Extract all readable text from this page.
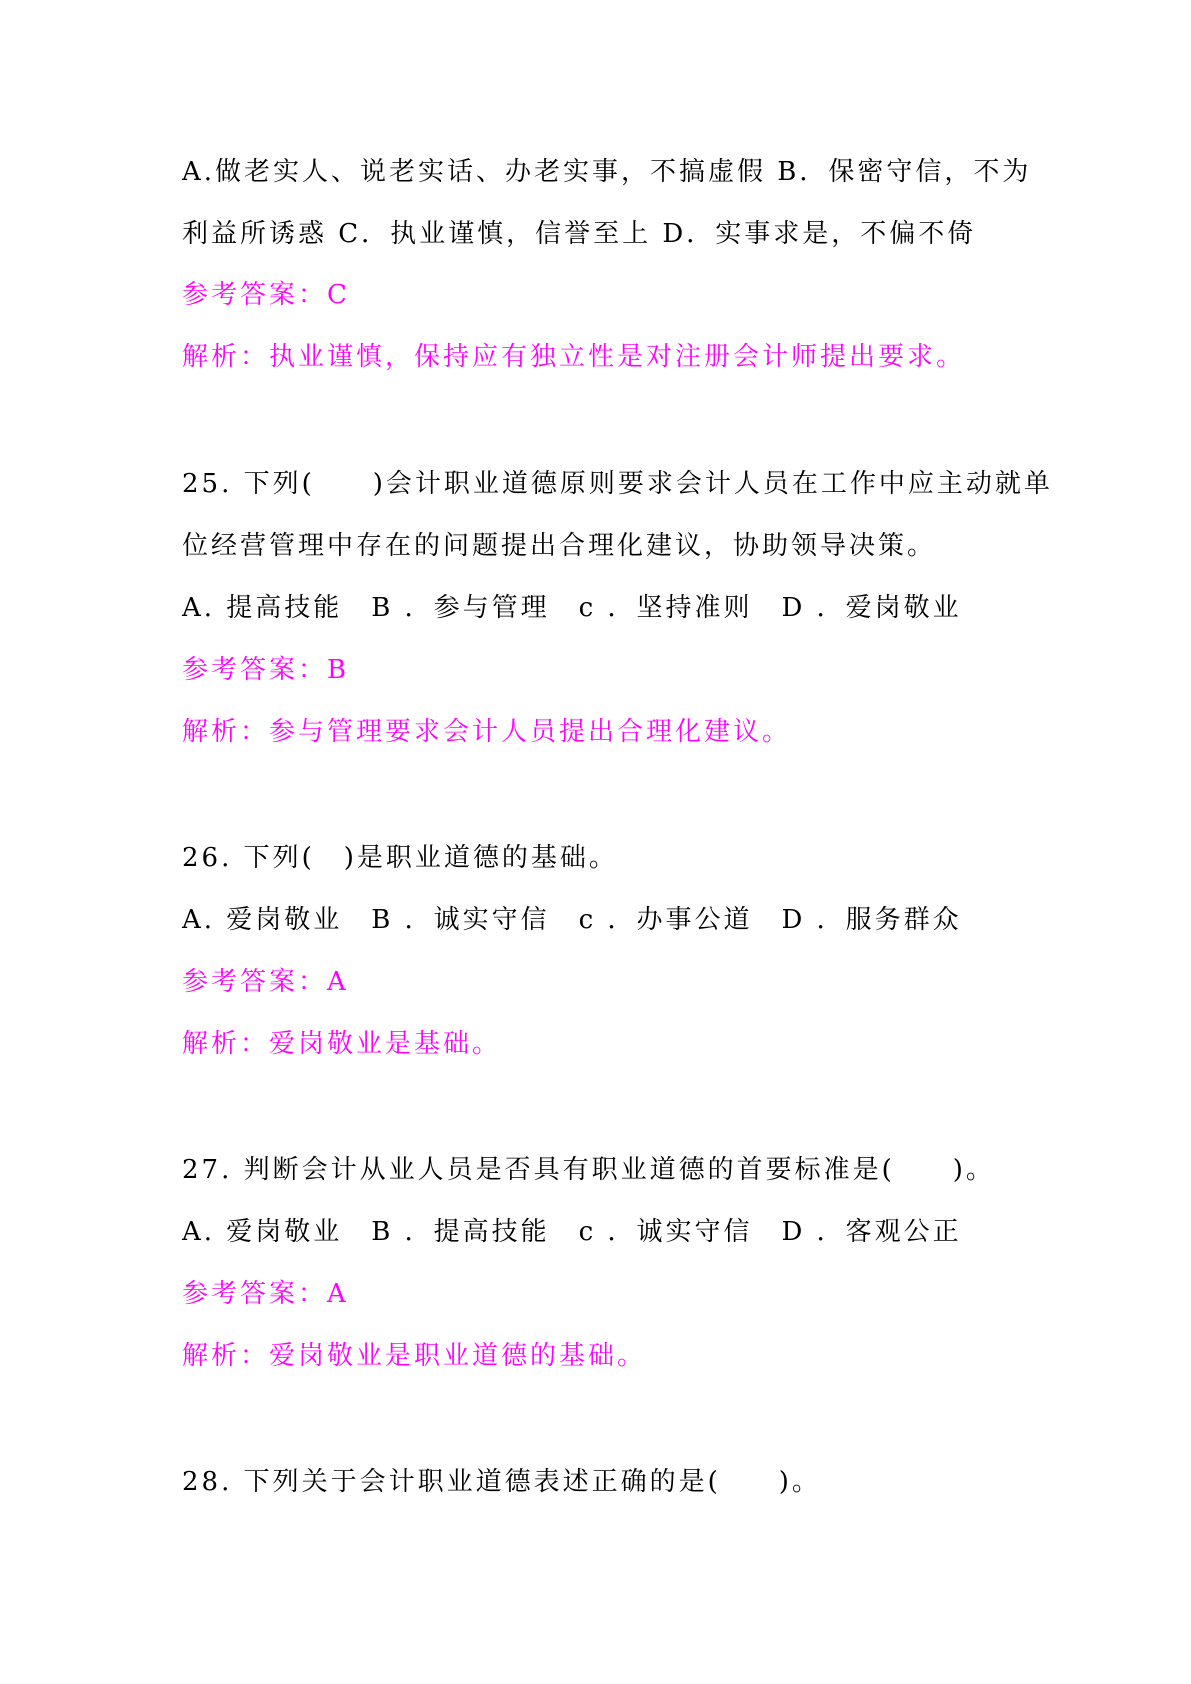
A.做老实人、说老实话、办老实事，不搞虚假 B．保密守信，不为
利益所诱惑 C．执业谨慎，信誉至上 D．实事求是，不偏不倚
参考答案：C
解析：执业谨慎，保持应有独立性是对注册会计师提出要求。
25. 下列(　　)会计职业道德原则要求会计人员在工作中应主动就单
位经营管理中存在的问题提出合理化建议，协助领导决策。
A. 提高技能　B ．参与管理　c ．坚持准则　D ．爱岗敬业
参考答案：B
解析：参与管理要求会计人员提出合理化建议。
26. 下列(　)是职业道德的基础。
A. 爱岗敬业　B ．诚实守信　c ．办事公道　D ．服务群众
参考答案：A
解析：爱岗敬业是基础。
27. 判断会计从业人员是否具有职业道德的首要标准是(　　)。
A. 爱岗敬业　B ．提高技能　c ．诚实守信　D ．客观公正
参考答案：A
解析：爱岗敬业是职业道德的基础。
28. 下列关于会计职业道德表述正确的是(　　)。
